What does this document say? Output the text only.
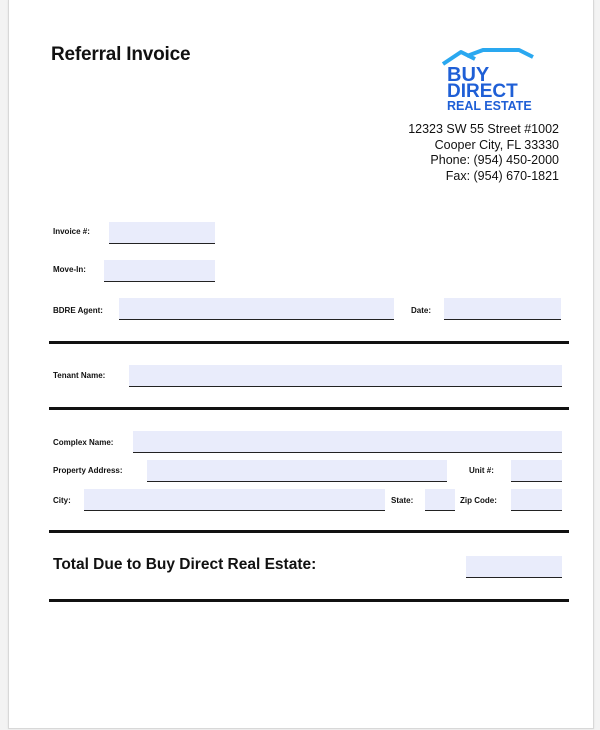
Referral Invoice
BUY
DIRECT
REAL ESTATE
12323 SW 55 Street #1002
Cooper City, FL 33330
Phone: (954) 450-2000
Fax: (954) 670-1821
Invoice #:
Move-In:
BDRE Agent:	Date:
Tenant Name:
Complex Name:
Property Address:	Unit #:
City:	State:	Zip Code:
Total Due to Buy Direct Real Estate:
